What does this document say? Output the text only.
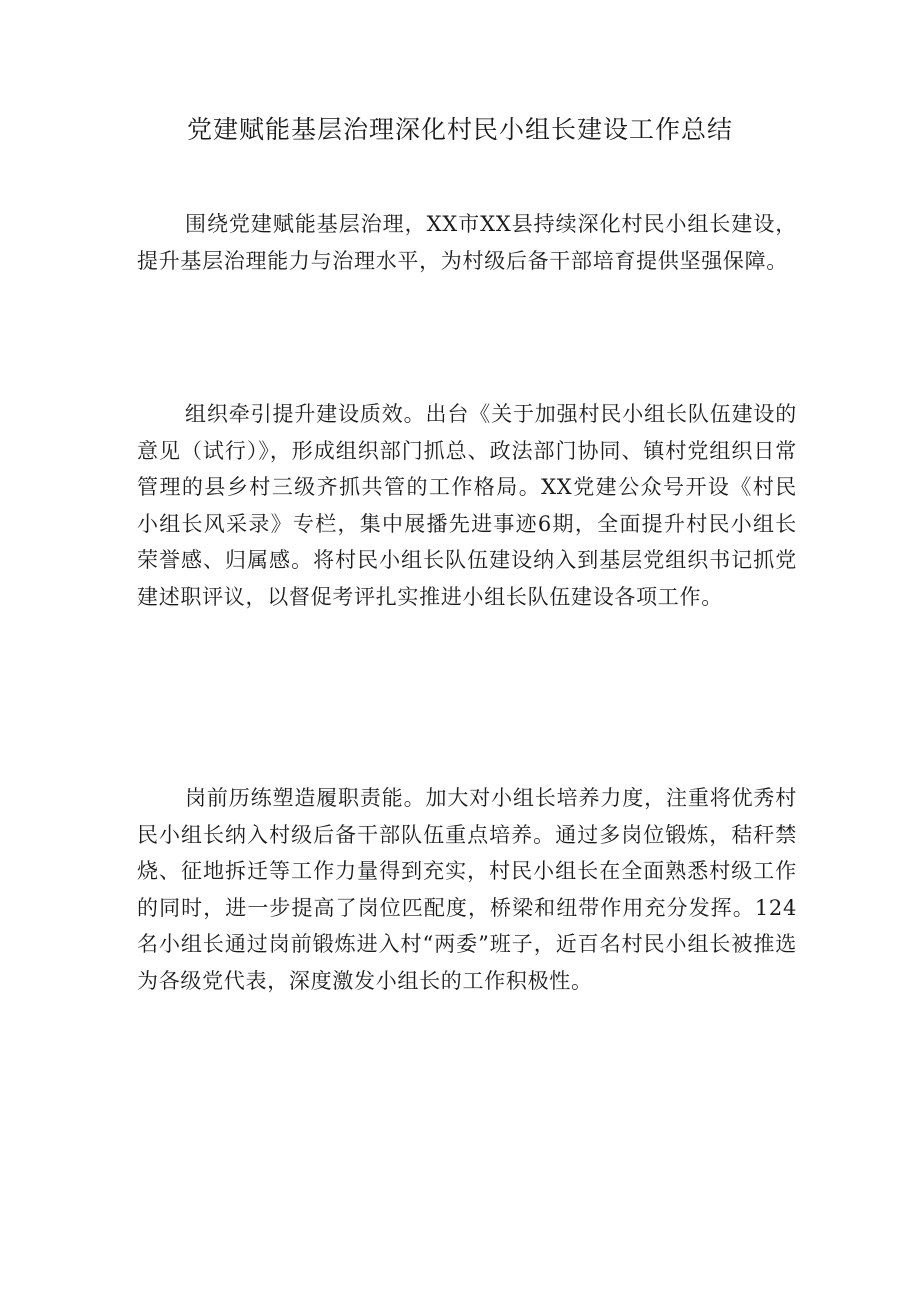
党建赋能基层治理深化村民小组长建设工作总结

围绕党建赋能基层治理，XX市XX县持续深化村民小组长建设，提升基层治理能力与治理水平，为村级后备干部培育提供坚强保障。

组织牵引提升建设质效。出台《关于加强村民小组长队伍建设的意见（试行）》，形成组织部门抓总、政法部门协同、镇村党组织日常管理的县乡村三级齐抓共管的工作格局。XX党建公众号开设《村民小组长风采录》专栏，集中展播先进事迹6期，全面提升村民小组长荣誉感、归属感。将村民小组长队伍建设纳入到基层党组织书记抓党建述职评议，以督促考评扎实推进小组长队伍建设各项工作。

岗前历练塑造履职责能。加大对小组长培养力度，注重将优秀村民小组长纳入村级后备干部队伍重点培养。通过多岗位锻炼，秸秆禁烧、征地拆迁等工作力量得到充实，村民小组长在全面熟悉村级工作的同时，进一步提高了岗位匹配度，桥梁和纽带作用充分发挥。124名小组长通过岗前锻炼进入村“两委”班子，近百名村民小组长被推选为各级党代表，深度激发小组长的工作积极性。
